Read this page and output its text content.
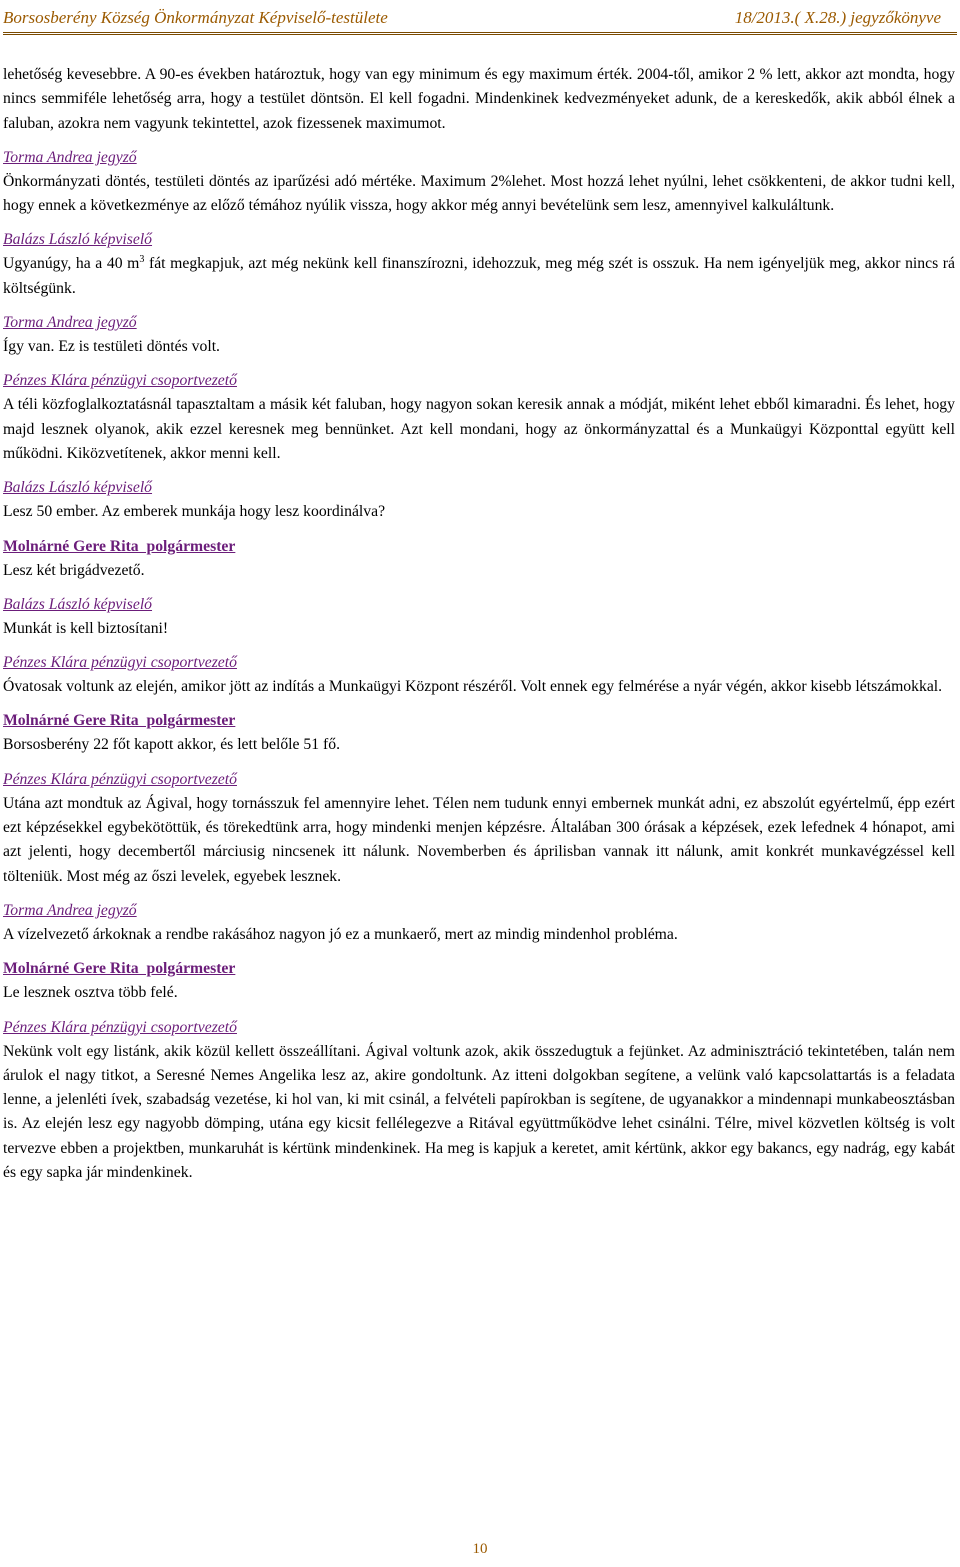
Borsosberény Község Önkormányzat Képviselő-testülete	18/2013.( X.28.) jegyzőkönyve

lehetőség kevesebbre. A 90-es években határoztuk, hogy van egy minimum és egy maximum érték. 2004-től, amikor 2 % lett, akkor azt mondta, hogy nincs semmiféle lehetőség arra, hogy a testület döntsön. El kell fogadni. Mindenkinek kedvezményeket adunk, de a kereskedők, akik abból élnek a faluban, azokra nem vagyunk tekintettel, azok fizessenek maximumot.

Torma Andrea jegyző

Önkormányzati döntés, testületi döntés az iparűzési adó mértéke. Maximum 2%lehet. Most hozzá lehet nyúlni, lehet csökkenteni, de akkor tudni kell, hogy ennek a következménye az előző témához nyúlik vissza, hogy akkor még annyi bevételünk sem lesz, amennyivel kalkuláltunk.

Balázs László képviselő

Ugyanúgy, ha a 40 $m^3$ fát megkapjuk, azt még nekünk kell finanszírozni, idehozzuk, meg még szét is osszuk. Ha nem igényeljük meg, akkor nincs rá költségünk.

Torma Andrea jegyző

Így van. Ez is testületi döntés volt.

Pénzes Klára pénzügyi csoportvezető

A téli közfoglalkoztatásnál tapasztaltam a másik két faluban, hogy nagyon sokan keresik annak a módját, miként lehet ebből kimaradni. És lehet, hogy majd lesznek olyanok, akik ezzel keresnek meg bennünket. Azt kell mondani, hogy az önkormányzattal és a Munkaügyi Központtal együtt kell működni. Kiközvetítenek, akkor menni kell.

Balázs László képviselő

Lesz 50 ember. Az emberek munkája hogy lesz koordinálva?

Molnárné Gere Rita  polgármester

Lesz két brigádvezető.

Balázs László képviselő

Munkát is kell biztosítani!

Pénzes Klára pénzügyi csoportvezető

Óvatosak voltunk az elején, amikor jött az indítás a Munkaügyi Központ részéről. Volt ennek egy felmérése a nyár végén, akkor kisebb létszámokkal.

Molnárné Gere Rita  polgármester

Borsosberény 22 főt kapott akkor, és lett belőle 51 fő.

Pénzes Klára pénzügyi csoportvezető

Utána azt mondtuk az Ágival, hogy tornásszuk fel amennyire lehet. Télen nem tudunk ennyi embernek munkát adni, ez abszolút egyértelmű, épp ezért ezt képzésekkel egybekötöttük, és törekedtünk arra, hogy mindenki menjen képzésre. Általában 300 órásak a képzések, ezek lefednek 4 hónapot, ami azt jelenti, hogy decembertől márciusig nincsenek itt nálunk. Novemberben és áprilisban vannak itt nálunk, amit konkrét munkavégzéssel kell tölteniük. Most még az őszi levelek, egyebek lesznek.

Torma Andrea jegyző

A vízelvezető árkoknak a rendbe rakásához nagyon jó ez a munkaerő, mert az mindig mindenhol probléma.

Molnárné Gere Rita  polgármester

Le lesznek osztva több felé.

Pénzes Klára pénzügyi csoportvezető

Nekünk volt egy listánk, akik közül kellett összeállítani. Ágival voltunk azok, akik összedugtuk a fejünket. Az adminisztráció tekintetében, talán nem árulok el nagy titkot, a Seresné Nemes Angelika lesz az, akire gondoltunk. Az itteni dolgokban segítene, a velünk való kapcsolattartás is a feladata lenne, a jelenléti ívek, szabadság vezetése, ki hol van, ki mit csinál, a felvételi papírokban is segítene, de ugyanakkor a mindennapi munkabeosztásban is. Az elején lesz egy nagyobb dömping, utána egy kicsit fellélegezve a Ritával együttműködve lehet csinálni. Télre, mivel közvetlen költség is volt tervezve ebben a projektben, munkaruhát is kértünk mindenkinek. Ha meg is kapjuk a keretet, amit kértünk, akkor egy bakancs, egy nadrág, egy kabát és egy sapka jár mindenkinek.

10
